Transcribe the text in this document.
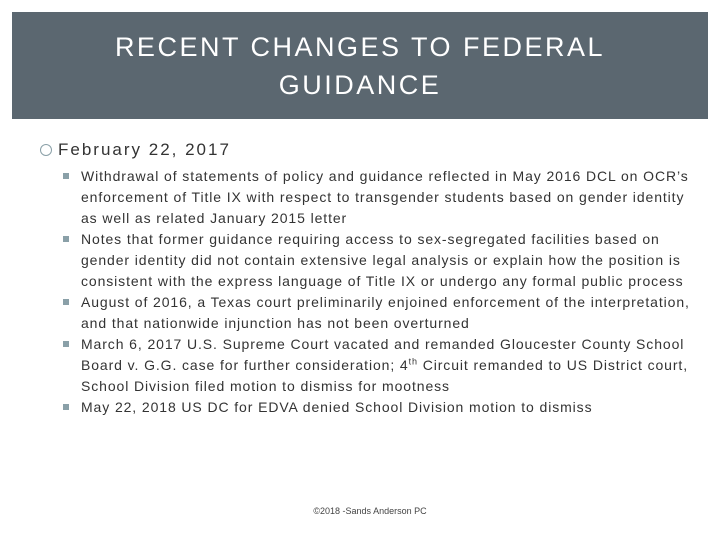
RECENT CHANGES TO FEDERAL GUIDANCE
February 22, 2017
Withdrawal of statements of policy and guidance reflected in May 2016 DCL on OCR’s enforcement of Title IX with respect to transgender students based on gender identity as well as related January 2015 letter
Notes that former guidance requiring access to sex-segregated facilities based on gender identity did not contain extensive legal analysis or explain how the position is consistent with the express language of Title IX or undergo any formal public process
August of 2016, a Texas court preliminarily enjoined enforcement of the interpretation, and that nationwide injunction has not been overturned
March 6, 2017 U.S. Supreme Court vacated and remanded Gloucester County School Board v. G.G. case for further consideration; 4th Circuit remanded to US District court, School Division filed motion to dismiss for mootness
May 22, 2018 US DC for EDVA denied School Division motion to dismiss
©2018 -Sands Anderson PC
